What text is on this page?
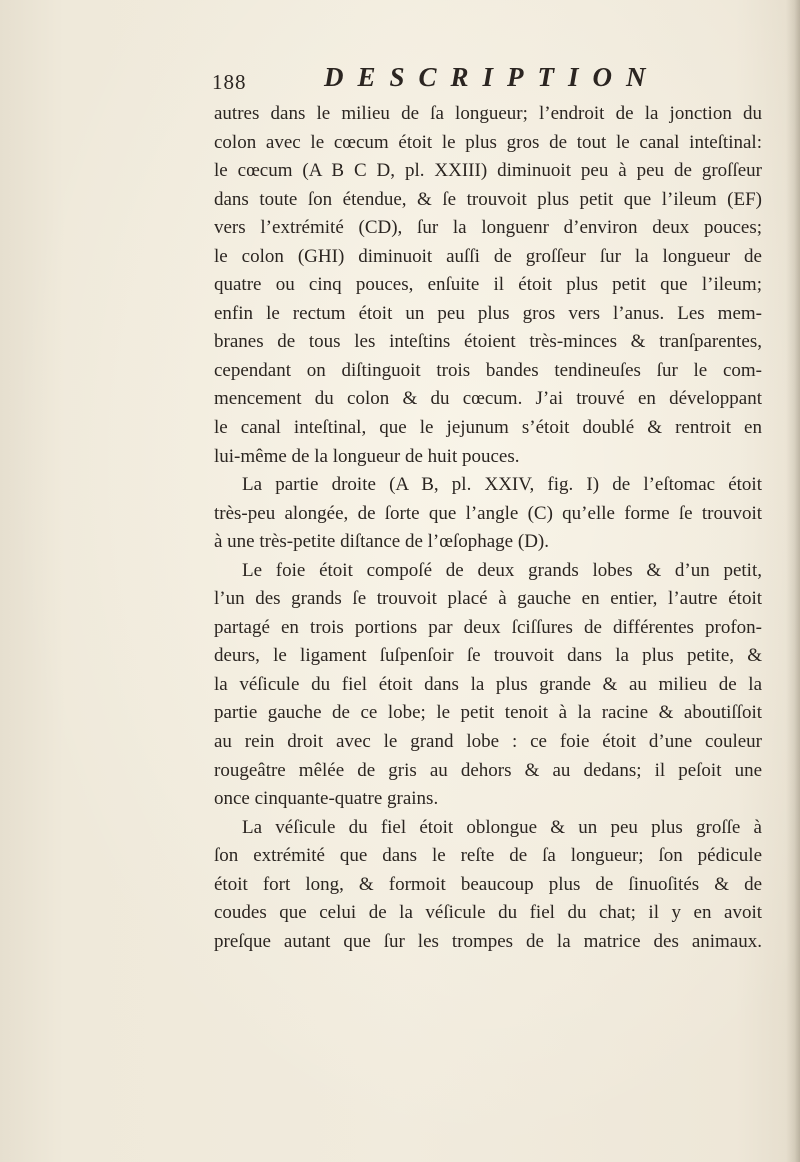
188	DESCRIPTION
autres dans le milieu de ſa longueur; l’endroit de la jonction du
colon avec le cœcum étoit le plus gros de tout le canal inteſtinal:
le cœcum (A B C D, pl. XXIII) diminuoit peu à peu de groſſeur
dans toute ſon étendue, & ſe trouvoit plus petit que l’ileum (EF)
vers l’extrémité (CD), ſur la longuenr d’environ deux pouces;
le colon (GHI) diminuoit auſſi de groſſeur ſur la longueur de
quatre ou cinq pouces, enſuite il étoit plus petit que l’ileum;
enfin le rectum étoit un peu plus gros vers l’anus. Les mem-
branes de tous les inteſtins étoient très-minces & tranſparentes,
cependant on diſtinguoit trois bandes tendineuſes ſur le com-
mencement du colon & du cœcum. J’ai trouvé en développant
le canal inteſtinal, que le jejunum s’étoit doublé & rentroit en
lui-même de la longueur de huit pouces.
La partie droite (A B, pl. XXIV, fig. I) de l’eſtomac étoit
très-peu alongée, de ſorte que l’angle (C) qu’elle forme ſe trouvoit
à une très-petite diſtance de l’œſophage (D).
Le foie étoit compoſé de deux grands lobes & d’un petit,
l’un des grands ſe trouvoit placé à gauche en entier, l’autre étoit
partagé en trois portions par deux ſciſſures de différentes profon-
deurs, le ligament ſuſpenſoir ſe trouvoit dans la plus petite, &
la véſicule du fiel étoit dans la plus grande & au milieu de la
partie gauche de ce lobe; le petit tenoit à la racine & aboutiſſoit
au rein droit avec le grand lobe : ce foie étoit d’une couleur
rougeâtre mêlée de gris au dehors & au dedans; il peſoit une
once cinquante-quatre grains.
La véſicule du fiel étoit oblongue & un peu plus groſſe à
ſon extrémité que dans le reſte de ſa longueur; ſon pédicule
étoit fort long, & formoit beaucoup plus de ſinuoſités & de
coudes que celui de la véſicule du fiel du chat; il y en avoit
preſque autant que ſur les trompes de la matrice des animaux.
